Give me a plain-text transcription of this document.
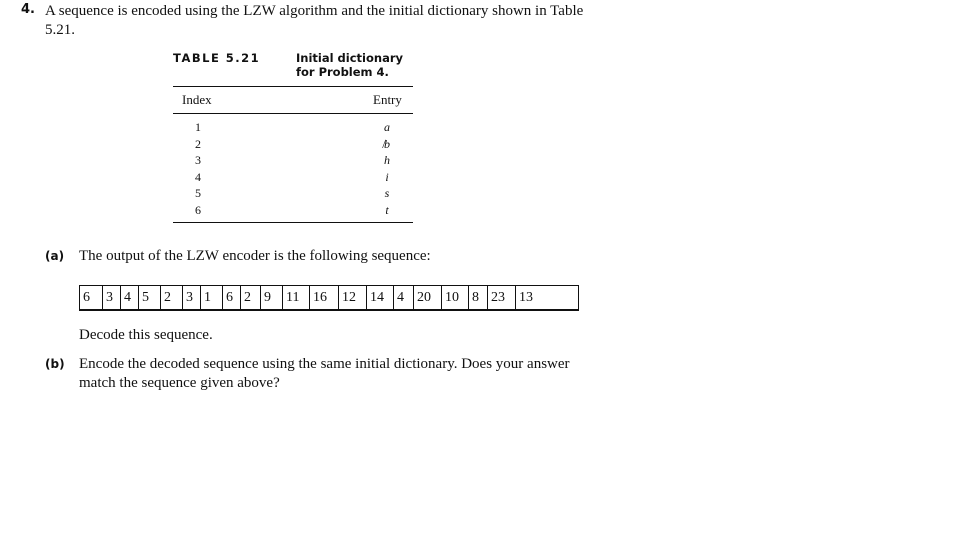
4. A sequence is encoded using the LZW algorithm and the initial dictionary shown in Table 5.21.
TABLE 5.21	Initial dictionary
for Problem 4.
Index	Entry
1	a
2	̸b
3	h
4	i
5	s
6	t
(a) The output of the LZW encoder is the following sequence:
6	3 4 5	2	3 1	6 2 9	11 16	12	14 4 20	10 8 23	13
Decode this sequence.
(b) Encode the decoded sequence using the same initial dictionary. Does your answer match the sequence given above?
